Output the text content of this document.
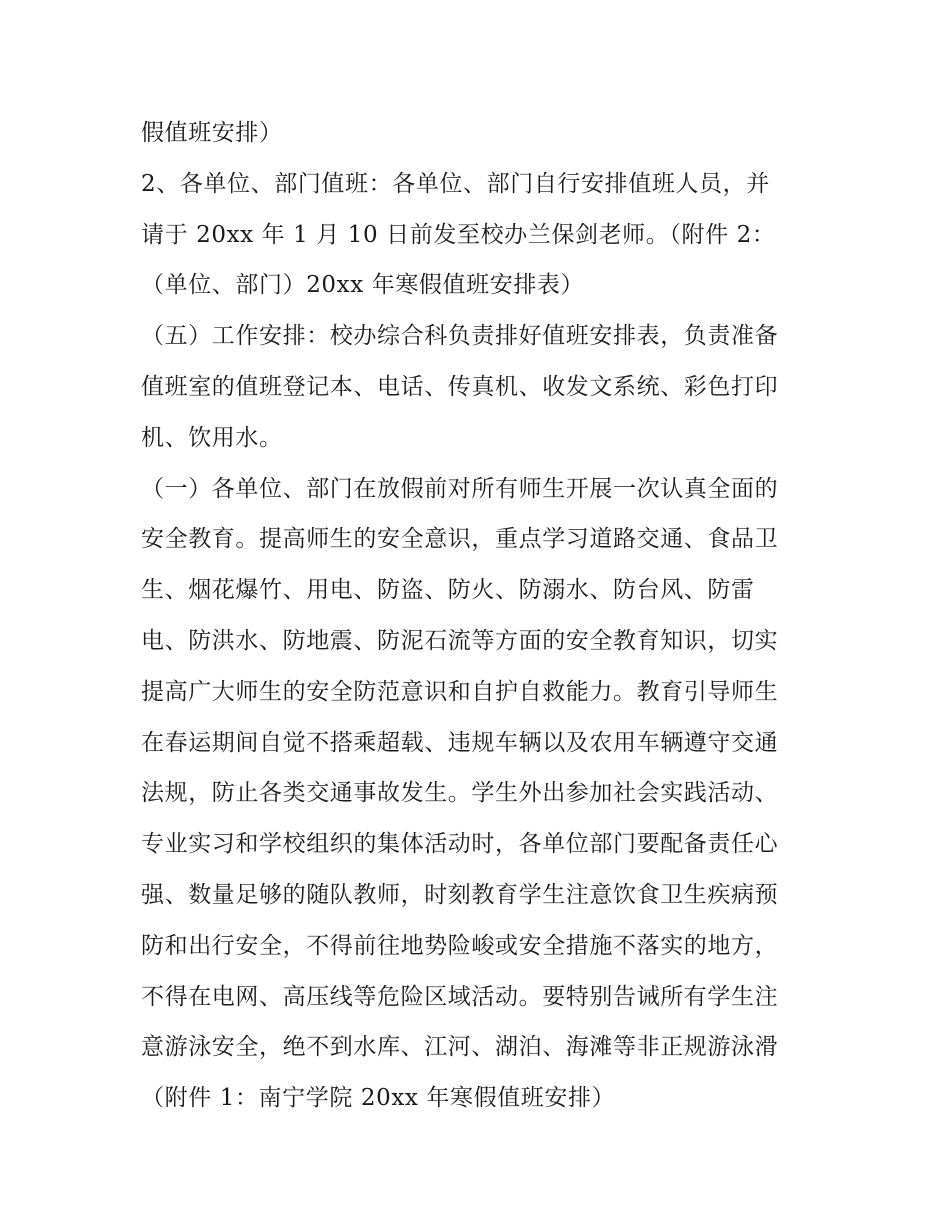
假值班安排）
2、各单位、部门值班：各单位、部门自行安排值班人员，并
请于 20xx 年 1 月 10 日前发至校办兰保剑老师。（附件 2：
（单位、部门）20xx 年寒假值班安排表）
（五）工作安排：校办综合科负责排好值班安排表，负责准备
值班室的值班登记本、电话、传真机、收发文系统、彩色打印
机、饮用水。
（一）各单位、部门在放假前对所有师生开展一次认真全面的
安全教育。提高师生的安全意识，重点学习道路交通、食品卫
生、烟花爆竹、用电、防盗、防火、防溺水、防台风、防雷
电、防洪水、防地震、防泥石流等方面的安全教育知识，切实
提高广大师生的安全防范意识和自护自救能力。教育引导师生
在春运期间自觉不搭乘超载、违规车辆以及农用车辆遵守交通
法规，防止各类交通事故发生。学生外出参加社会实践活动、
专业实习和学校组织的集体活动时，各单位部门要配备责任心
强、数量足够的随队教师，时刻教育学生注意饮食卫生疾病预
防和出行安全，不得前往地势险峻或安全措施不落实的地方，
不得在电网、高压线等危险区域活动。要特别告诫所有学生注
意游泳安全，绝不到水库、江河、湖泊、海滩等非正规游泳滑
（附件 1：南宁学院 20xx 年寒假值班安排）
